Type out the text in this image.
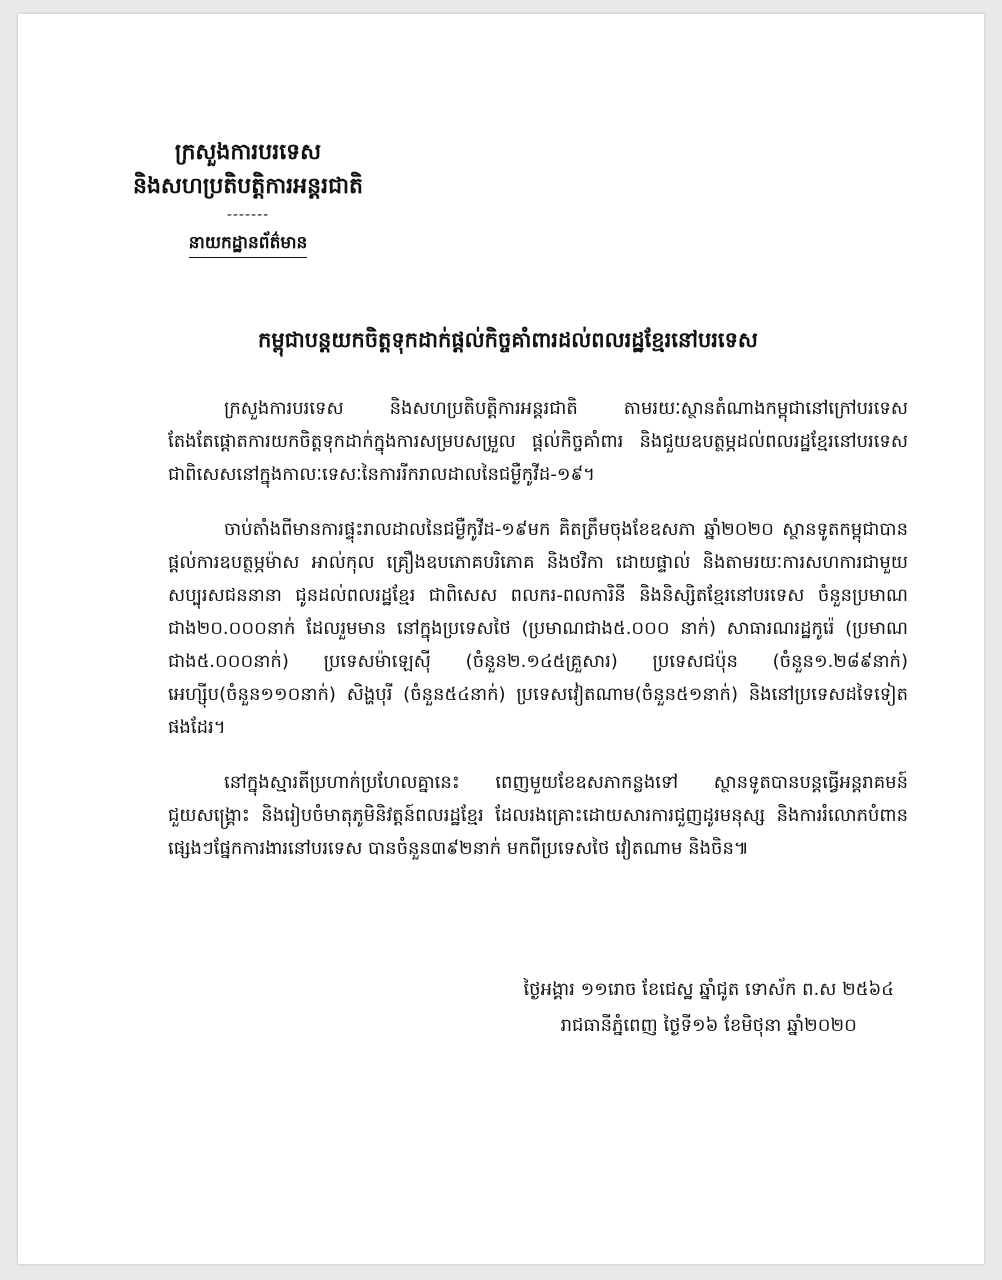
ក្រសួងការបរទេស
និងសហប្រតិបត្តិការអន្តរជាតិ
-------
នាយកដ្ឋានព័ត៌មាន
កម្ពុជាបន្តយកចិត្តទុកដាក់ផ្តល់កិច្ចគាំពារដល់ពលរដ្ឋខ្មែរនៅបរទេស

ក្រសួងការបរទេស និងសហប្រតិបត្តិការអន្តរជាតិ តាមរយៈស្ថានតំណាងកម្ពុជានៅក្រៅបរទេស តែងតែផ្តោតការយកចិត្តទុកដាក់ក្នុងការសម្របសម្រួល ផ្តល់កិច្ចគាំពារ និងជួយឧបត្ថម្ភដល់ពលរដ្ឋខ្មែរនៅបរទេស ជាពិសេសនៅក្នុងកាលៈទេសៈនៃការរីករាលដាលនៃជម្ងឺកូវីដ-១៩។

ចាប់តាំងពីមានការផ្ទុះរាលដាលនៃជម្ងឺកូវីដ-១៩មក គិតត្រឹមចុងខែឧសភា ឆ្នាំ២០២០ ស្ថានទូតកម្ពុជាបានផ្តល់ការឧបត្ថម្ភម៉ាស អាល់កុល គ្រឿងឧបភោគបរិភោគ និងថវិកា ដោយផ្ទាល់ និងតាមរយៈការសហការជាមួយសប្បុរសជននានា ជូនដល់ពលរដ្ឋខ្មែរ ជាពិសេស ពលករ-ពលការិនី និងនិស្សិតខ្មែរនៅបរទេស ចំនួនប្រមាណជាង២០.០០០នាក់ ដែលរួមមាន នៅក្នុងប្រទេសថៃ (ប្រមាណជាង៥.០០០ នាក់) សាធារណរដ្ឋកូរ៉េ (ប្រមាណជាង៥.០០០នាក់) ប្រទេសម៉ាឡេស៊ី (ចំនួន២.១៤៥គ្រួសារ) ប្រទេសជប៉ុន (ចំនួន១.២៨៩នាក់) អេហ្ស៊ីប(ចំនួន១១០នាក់) សិង្ហបុរី (ចំនួន៥៤នាក់) ប្រទេសវៀតណាម(ចំនួន៥១នាក់) និងនៅប្រទេសដទៃទៀតផងដែរ។

នៅក្នុងស្មារតីប្រហាក់ប្រហែលគ្នានេះ ពេញមួយខែឧសភាកន្លងទៅ ស្ថានទូតបានបន្តធ្វើអន្តរាគមន៍ជួយសង្គ្រោះ និងរៀបចំមាតុភូមិនិវត្តន៍ពលរដ្ឋខ្មែរ ដែលរងគ្រោះដោយសារការជួញដូរមនុស្ស និងការរំលោភបំពានផ្សេងៗផ្នែកការងារនៅបរទេស បានចំនួន៣៩២នាក់ មកពីប្រទេសថៃ វៀតណាម និងចិន៕

ថ្ងៃអង្គារ ១១រោច ខែជេស្ឋ ឆ្នាំជូត ទោស័ក ព.ស ២៥៦៤
រាជធានីភ្នំពេញ ថ្ងៃទី១៦ ខែមិថុនា ឆ្នាំ២០២០
